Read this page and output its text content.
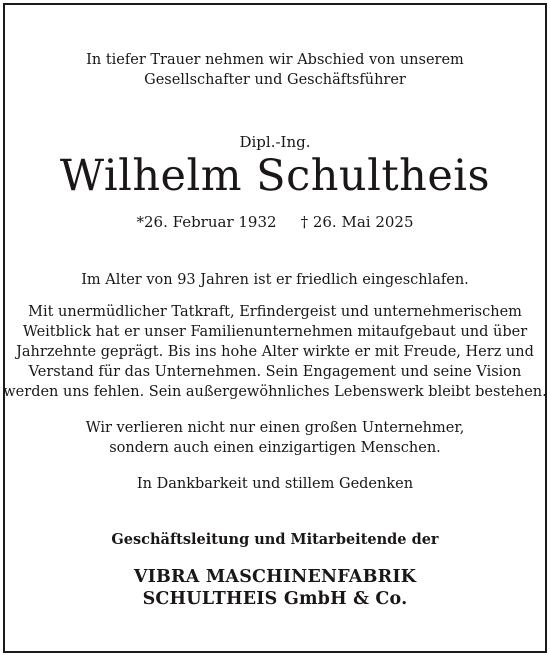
In tiefer Trauer nehmen wir Abschied von unserem
Gesellschafter und Geschäftsführer
Dipl.-Ing.
Wilhelm Schultheis
*26. Februar 1932 † 26. Mai 2025
Im Alter von 93 Jahren ist er friedlich eingeschlafen.
Mit unermüdlicher Tatkraft, Erfindergeist und unternehmerischem
Weitblick hat er unser Familienunternehmen mitaufgebaut und über
Jahrzehnte geprägt. Bis ins hohe Alter wirkte er mit Freude, Herz und
Verstand für das Unternehmen. Sein Engagement und seine Vision
werden uns fehlen. Sein außergewöhnliches Lebenswerk bleibt bestehen.
Wir verlieren nicht nur einen großen Unternehmer,
sondern auch einen einzigartigen Menschen.
In Dankbarkeit und stillem Gedenken
Geschäftsleitung und Mitarbeitende der
VIBRA MASCHINENFABRIK
SCHULTHEIS GmbH & Co.
